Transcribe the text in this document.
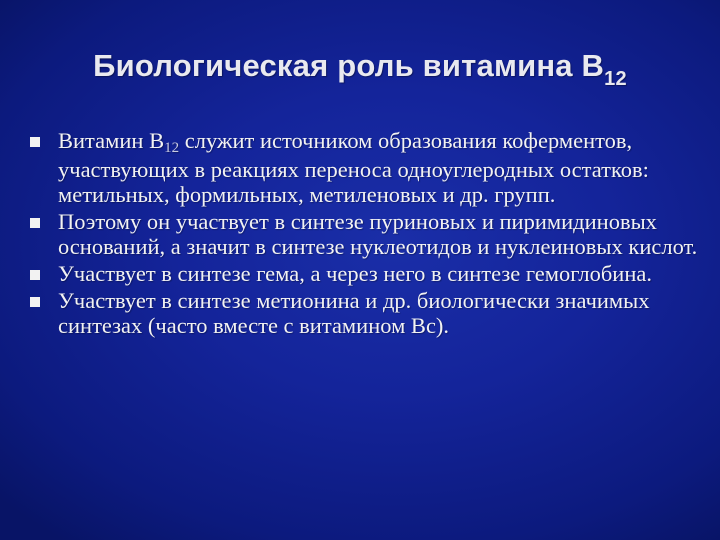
Биологическая роль витамина $В_{12}$
Витамин В12 служит источником образования коферментов, участвующих в реакциях переноса одноуглеродных остатков: метильных, формильных, метиленовых и др. групп.
Поэтому он участвует в синтезе пуриновых и пиримидиновых оснований, а значит в синтезе нуклеотидов и нуклеиновых кислот.
Участвует в синтезе гема, а через него в синтезе гемоглобина.
Участвует в синтезе метионина и др. биологически значимых синтезах (часто вместе с витамином Вс).
